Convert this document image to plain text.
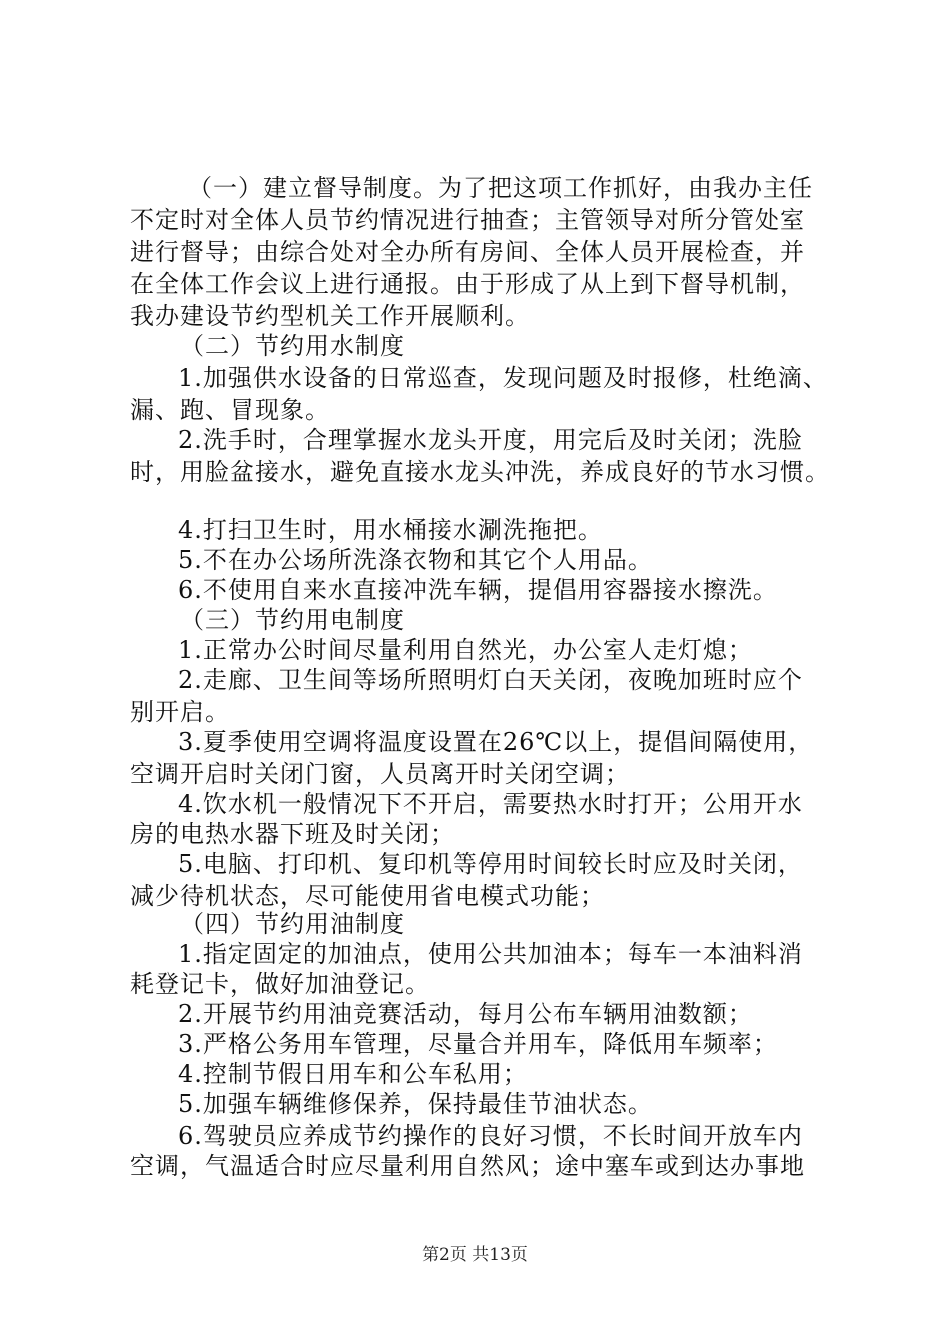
（一）建立督导制度。为了把这项工作抓好，由我办主任
不定时对全体人员节约情况进行抽查；主管领导对所分管处室
进行督导；由综合处对全办所有房间、全体人员开展检查，并
在全体工作会议上进行通报。由于形成了从上到下督导机制，
我办建设节约型机关工作开展顺利。
（二）节约用水制度
1.加强供水设备的日常巡查，发现问题及时报修，杜绝滴、
漏、跑、冒现象。
2.洗手时，合理掌握水龙头开度，用完后及时关闭；洗脸
时，用脸盆接水，避免直接水龙头冲洗，养成良好的节水习惯。
4.打扫卫生时，用水桶接水涮洗拖把。
5.不在办公场所洗涤衣物和其它个人用品。
6.不使用自来水直接冲洗车辆，提倡用容器接水擦洗。
（三）节约用电制度
1.正常办公时间尽量利用自然光，办公室人走灯熄；
2.走廊、卫生间等场所照明灯白天关闭，夜晚加班时应个
别开启。
3.夏季使用空调将温度设置在26℃以上，提倡间隔使用，
空调开启时关闭门窗，人员离开时关闭空调；
4.饮水机一般情况下不开启，需要热水时打开；公用开水
房的电热水器下班及时关闭；
5.电脑、打印机、复印机等停用时间较长时应及时关闭，
减少待机状态，尽可能使用省电模式功能；
（四）节约用油制度
1.指定固定的加油点，使用公共加油本；每车一本油料消
耗登记卡，做好加油登记。
2.开展节约用油竞赛活动，每月公布车辆用油数额；
3.严格公务用车管理，尽量合并用车，降低用车频率；
4.控制节假日用车和公车私用；
5.加强车辆维修保养，保持最佳节油状态。
6.驾驶员应养成节约操作的良好习惯，不长时间开放车内
空调，气温适合时应尽量利用自然风；途中塞车或到达办事地
第2页 共13页
